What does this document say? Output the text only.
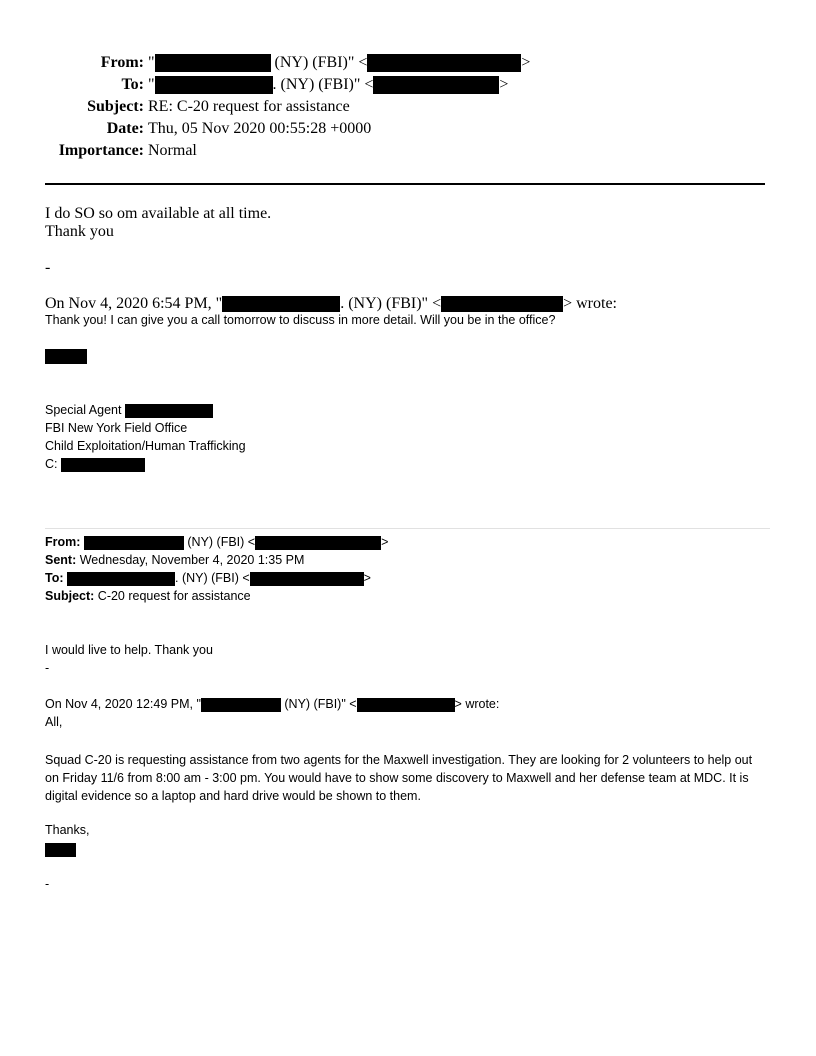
From: "	(NY) (FBI)" <	>
To: "	. (NY) (FBI)" <	>
Subject: RE: C-20 request for assistance
Date: Thu, 05 Nov 2020 00:55:28 +0000
Importance: Normal
I do SO so om available at all time.
Thank you
-
On Nov 4, 2020 6:54 PM, "	. (NY) (FBI)" <	> wrote:
Thank you! I can give you a call tomorrow to discuss in more detail. Will you be in the office?
Special Agent
FBI New York Field Office
Child Exploitation/Human Trafficking
C:
From:	(NY) (FBI) <	>
Sent: Wednesday, November 4, 2020 1:35 PM
To:	. (NY) (FBI) <	>
Subject: C-20 request for assistance
I would live to help. Thank you
-
On Nov 4, 2020 12:49 PM, "	(NY) (FBI)" <	> wrote:
All,
Squad C-20 is requesting assistance from two agents for the Maxwell investigation. They are looking for 2 volunteers to help out on Friday 11/6 from 8:00 am - 3:00 pm. You would have to show some discovery to Maxwell and her defense team at MDC. It is digital evidence so a laptop and hard drive would be shown to them.
Thanks,
-
